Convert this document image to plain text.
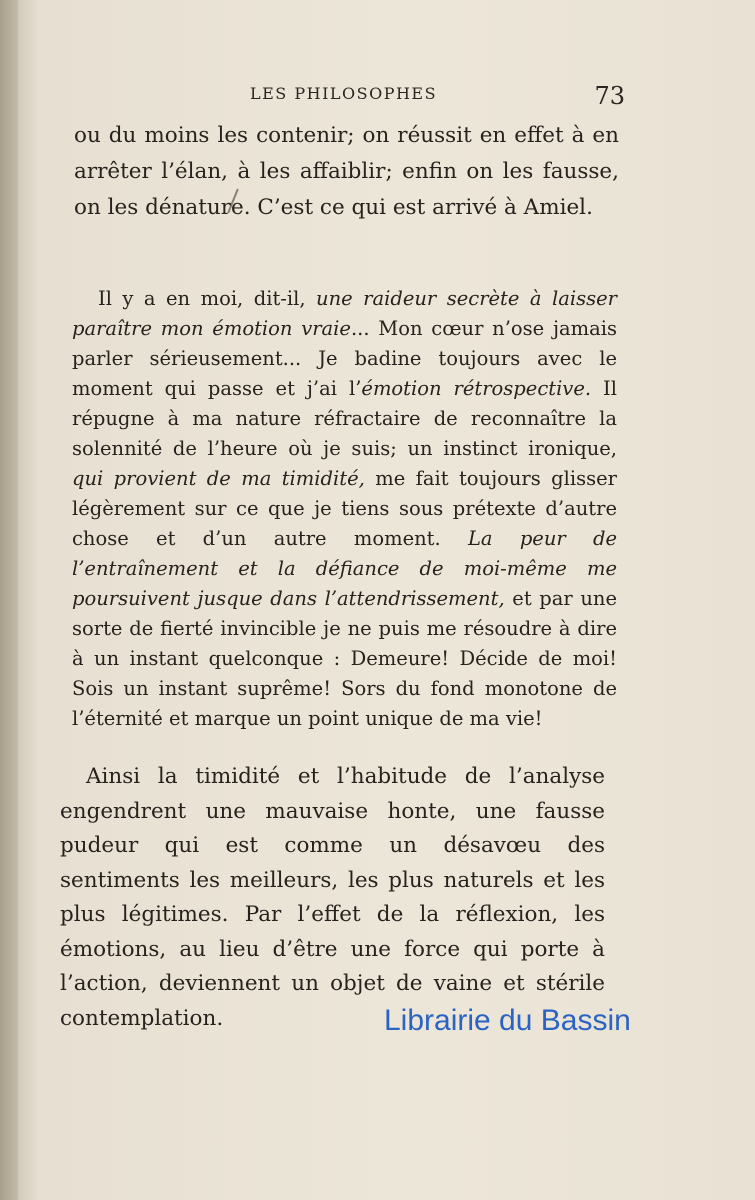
LES PHILOSOPHES	73

ou du moins les contenir; on réussit en effet à en arrêter l’élan, à les affaiblir; enfin on les fausse, on les dénature. C’est ce qui est arrivé à Amiel.

Il y a en moi, dit-il, une raideur secrète à laisser paraître mon émotion vraie... Mon cœur n’ose jamais parler sérieusement... Je badine toujours avec le moment qui passe et j’ai l’émotion rétrospective. Il répugne à ma nature réfractaire de reconnaître la solennité de l’heure où je suis; un instinct ironique, qui provient de ma timidité, me fait toujours glisser légèrement sur ce que je tiens sous prétexte d’autre chose et d’un autre moment. La peur de l’entraînement et la défiance de moi-même me poursuivent jusque dans l’attendrissement, et par une sorte de fierté invincible je ne puis me résoudre à dire à un instant quelconque : Demeure! Décide de moi! Sois un instant suprême! Sors du fond monotone de l’éternité et marque un point unique de ma vie!

Ainsi la timidité et l’habitude de l’analyse engendrent une mauvaise honte, une fausse pudeur qui est comme un désavœu des sentiments les meilleurs, les plus naturels et les plus légitimes. Par l’effet de la réflexion, les émotions, au lieu d’être une force qui porte à l’action, deviennent un objet de vaine et stérile contemplation.	Librairie du Bassin
